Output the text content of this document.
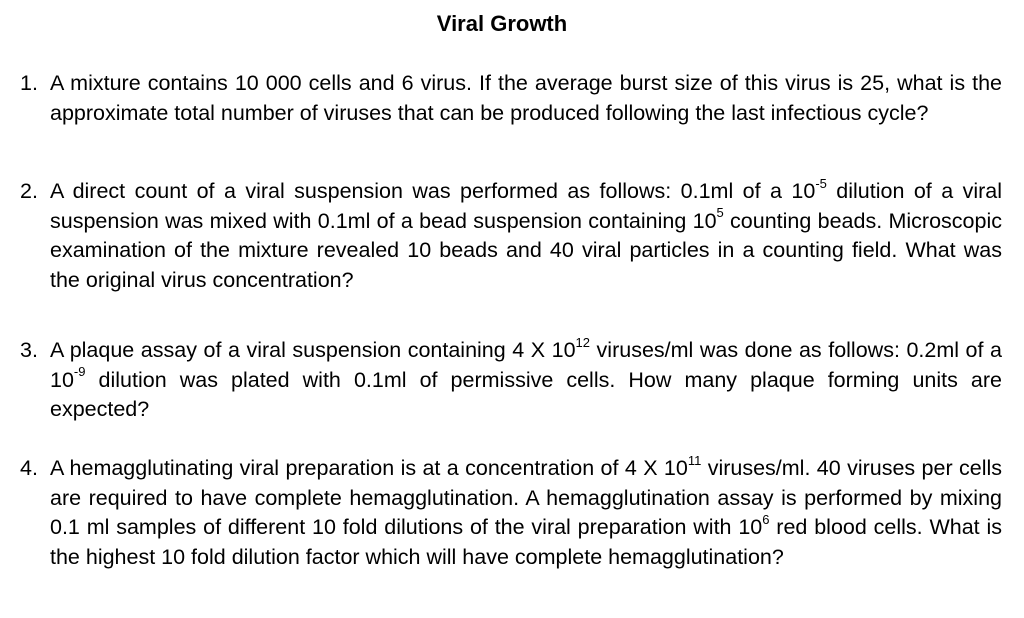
Viral Growth
1. A mixture contains 10 000 cells and 6 virus. If the average burst size of this virus is 25, what is the approximate total number of viruses that can be produced following the last infectious cycle?
2. A direct count of a viral suspension was performed as follows: 0.1ml of a $10^{-5}$ dilution of a viral suspension was mixed with 0.1ml of a bead suspension containing $10^5$ counting beads. Microscopic examination of the mixture revealed 10 beads and 40 viral particles in a counting field. What was the original virus concentration?
3. A plaque assay of a viral suspension containing 4 X $10^{12}$ viruses/ml was done as follows: 0.2ml of a $10^{-9}$ dilution was plated with 0.1ml of permissive cells. How many plaque forming units are expected?
4. A hemagglutinating viral preparation is at a concentration of 4 X $10^{11}$ viruses/ml. 40 viruses per cells are required to have complete hemagglutination. A hemagglutination assay is performed by mixing 0.1 ml samples of different 10 fold dilutions of the viral preparation with $10^6$ red blood cells. What is the highest 10 fold dilution factor which will have complete hemagglutination?
